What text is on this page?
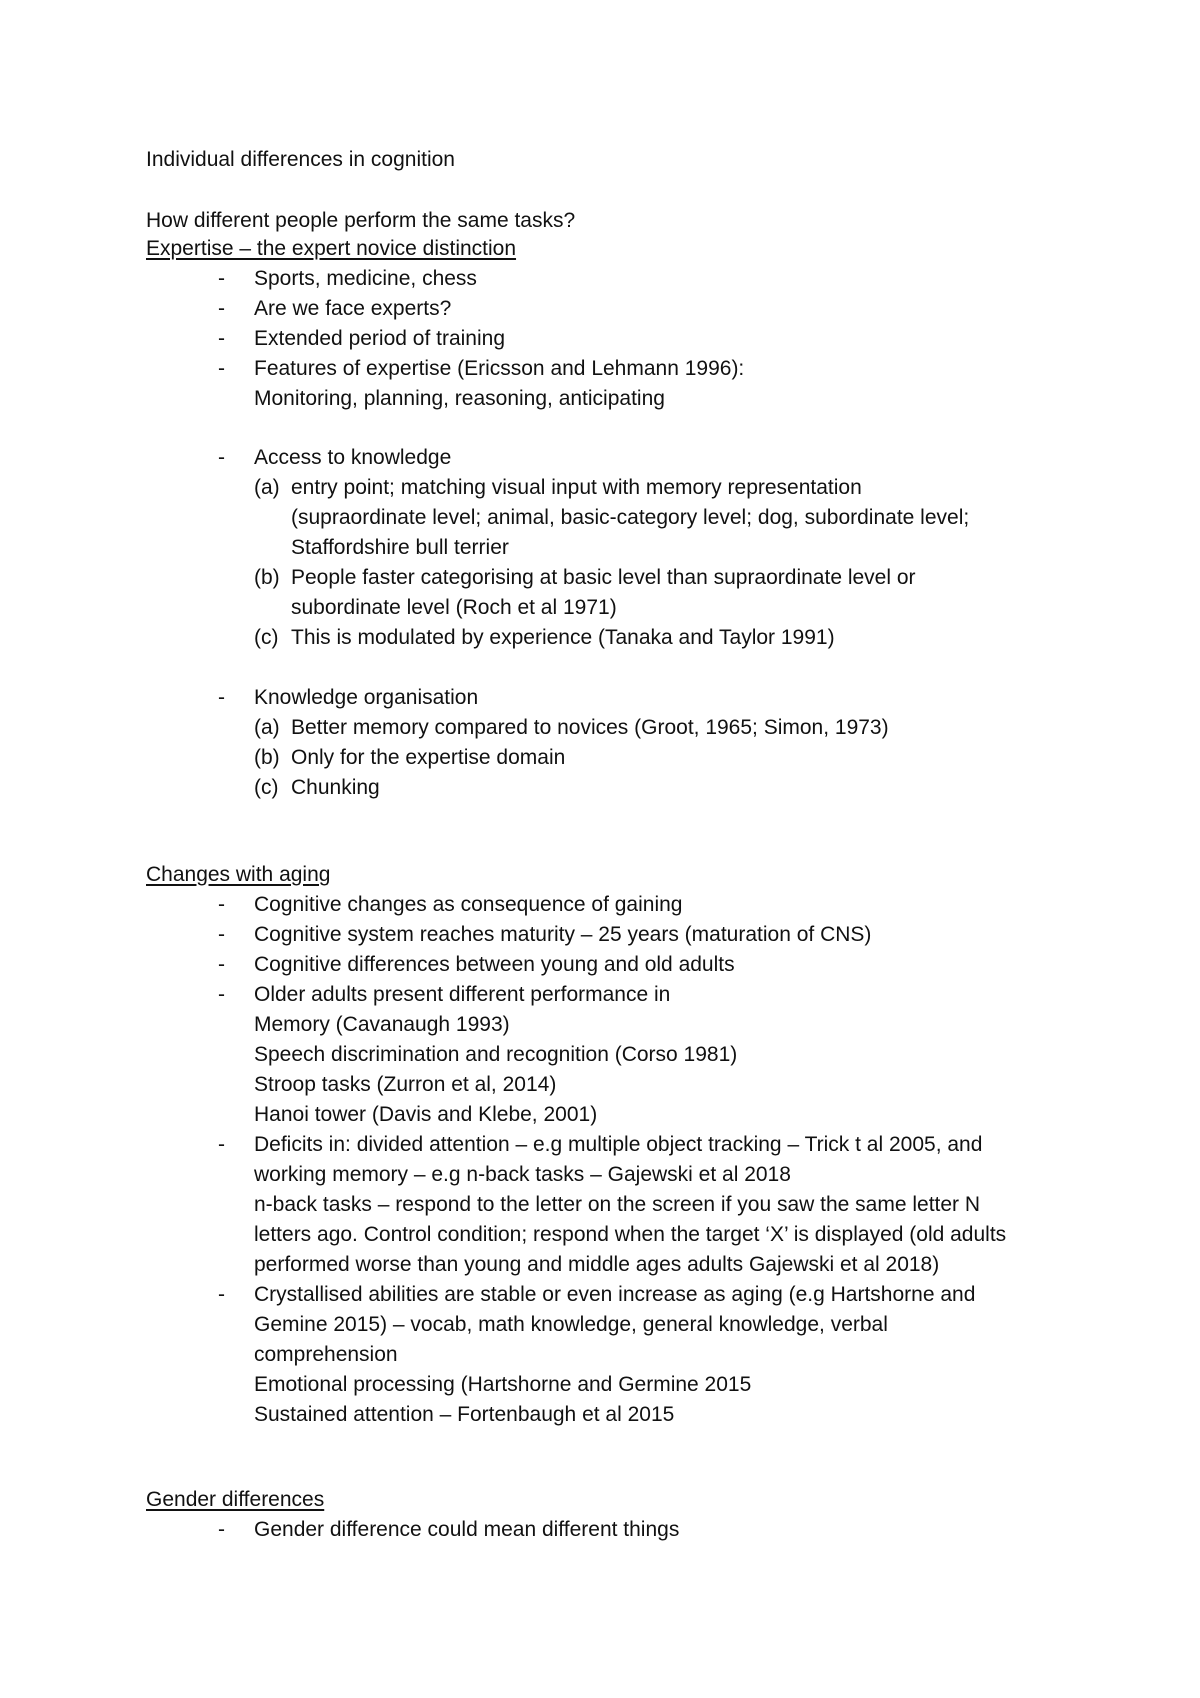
Individual differences in cognition
How different people perform the same tasks?
Expertise – the expert novice distinction
- Sports, medicine, chess
- Are we face experts?
- Extended period of training
- Features of expertise (Ericsson and Lehmann 1996):
Monitoring, planning, reasoning, anticipating
- Access to knowledge
(a) entry point; matching visual input with memory representation
(supraordinate level; animal, basic-category level; dog, subordinate level;
Staffordshire bull terrier
(b) People faster categorising at basic level than supraordinate level or
subordinate level (Roch et al 1971)
(c) This is modulated by experience (Tanaka and Taylor 1991)
- Knowledge organisation
(a) Better memory compared to novices (Groot, 1965; Simon, 1973)
(b) Only for the expertise domain
(c) Chunking
Changes with aging
- Cognitive changes as consequence of gaining
- Cognitive system reaches maturity – 25 years (maturation of CNS)
- Cognitive differences between young and old adults
- Older adults present different performance in
Memory (Cavanaugh 1993)
Speech discrimination and recognition (Corso 1981)
Stroop tasks (Zurron et al, 2014)
Hanoi tower (Davis and Klebe, 2001)
- Deficits in: divided attention – e.g multiple object tracking – Trick t al 2005, and
working memory – e.g n-back tasks – Gajewski et al 2018
n-back tasks – respond to the letter on the screen if you saw the same letter N
letters ago. Control condition; respond when the target ‘X’ is displayed (old adults
performed worse than young and middle ages adults Gajewski et al 2018)
- Crystallised abilities are stable or even increase as aging (e.g Hartshorne and
Gemine 2015) – vocab, math knowledge, general knowledge, verbal
comprehension
Emotional processing (Hartshorne and Germine 2015
Sustained attention – Fortenbaugh et al 2015
Gender differences
- Gender difference could mean different things
